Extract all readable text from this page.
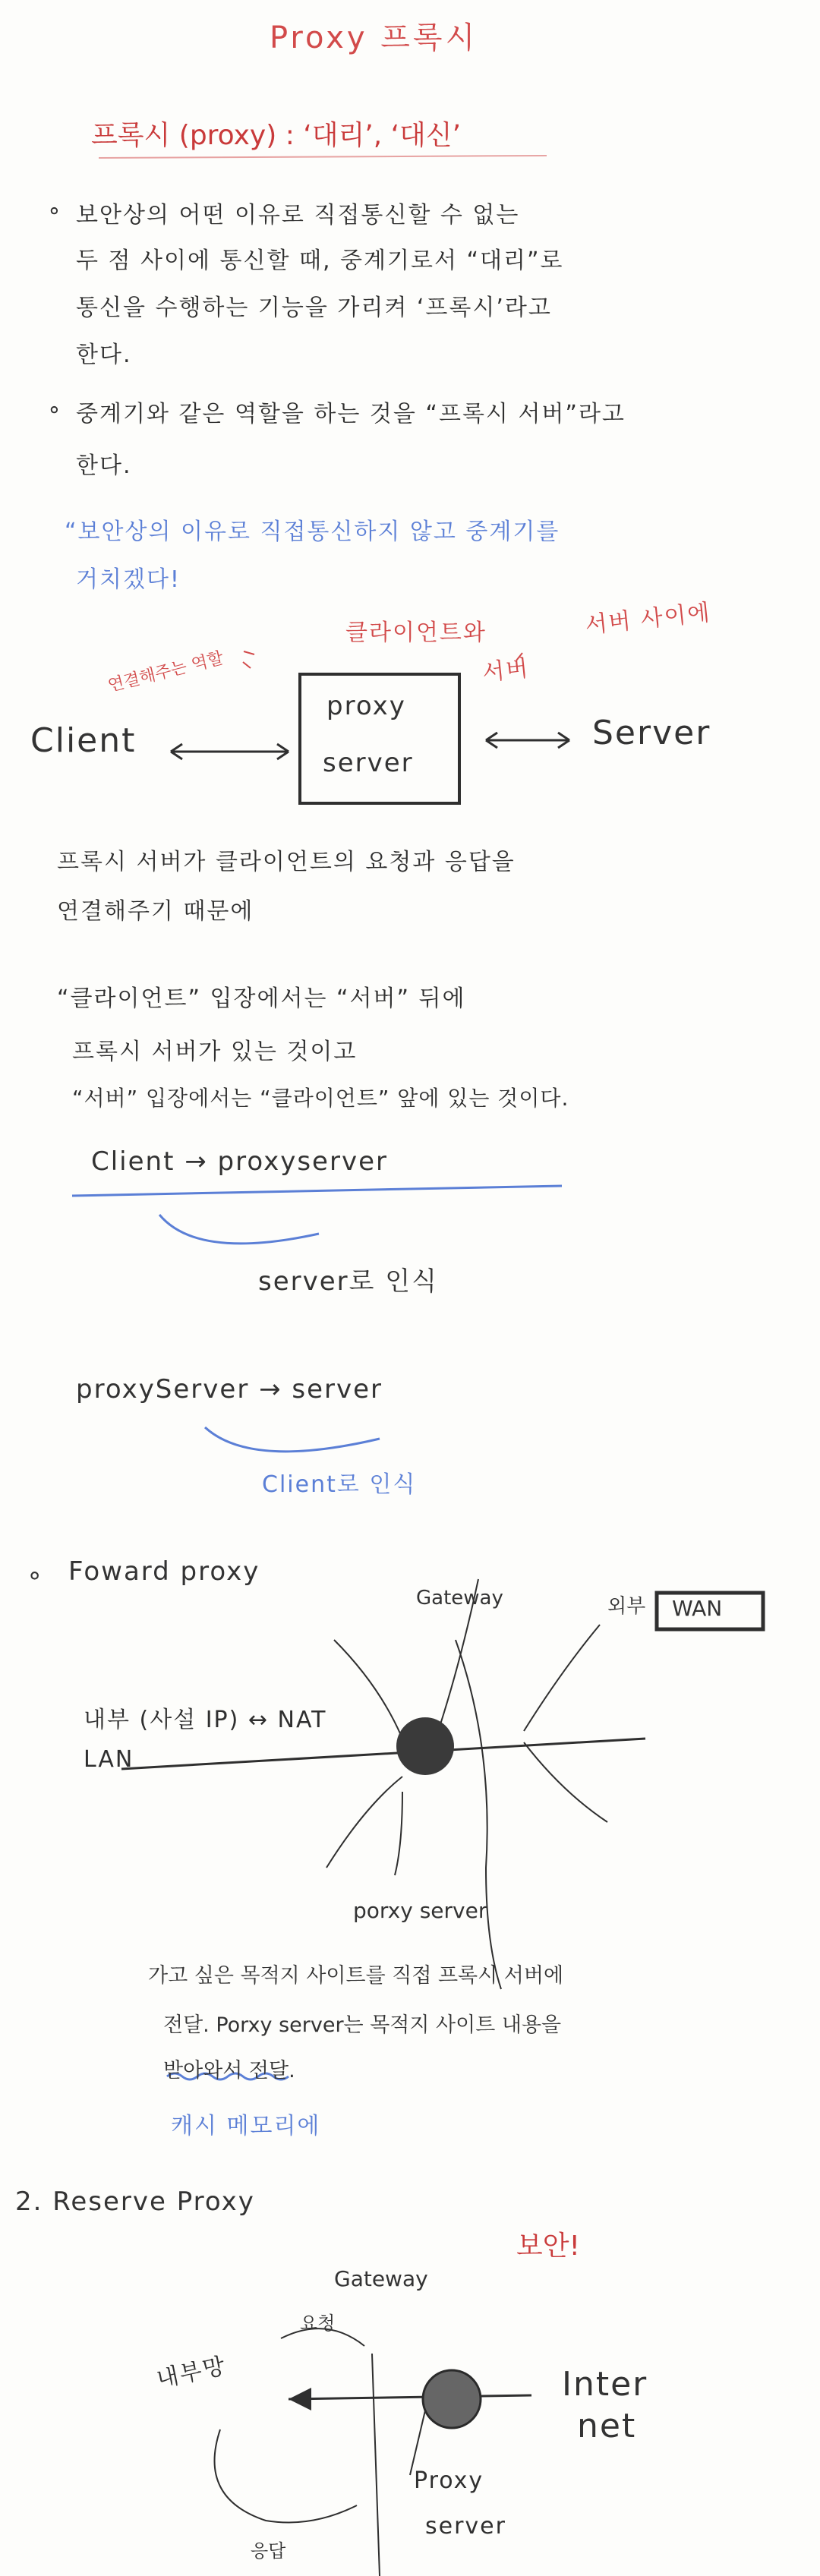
Proxy 프록시
프록시 (proxy) : ‘대리’, ‘대신’
∘ 보안상의 어떤 이유로 직접통신할 수 없는
두 점 사이에 통신할 때, 중계기로서 “대리”로
통신을 수행하는 기능을 가리켜 ‘프록시’라고
한다.
∘ 중계기와 같은 역할을 하는 것을 “프록시 서버”라고
한다.
“보안상의 이유로 직접통신하지 않고 중계기를
거치겠다!
클라이언트와	서버 사이에
서버
연결해주는 역할
Client
proxy
server
Server
프록시 서버가 클라이언트의 요청과 응답을
연결해주기 때문에
“클라이언트” 입장에서는 “서버” 뒤에
프록시 서버가 있는 것이고
“서버” 입장에서는 “클라이언트” 앞에 있는 것이다.
Client → proxyserver
server로 인식
proxyServer → server
Client로 인식
∘ Foward proxy
Gateway	외부 WAN
내부 (사설 IP) ↔ NAT
LAN
porxy server
가고 싶은 목적지 사이트를 직접 프록시 서버에
전달. Porxy server는 목적지 사이트 내용을
받아와서 전달.
캐시 메모리에
2. Reserve Proxy
보안!
Gateway
요청
내부망	Inter
net
Proxy
server
응답
